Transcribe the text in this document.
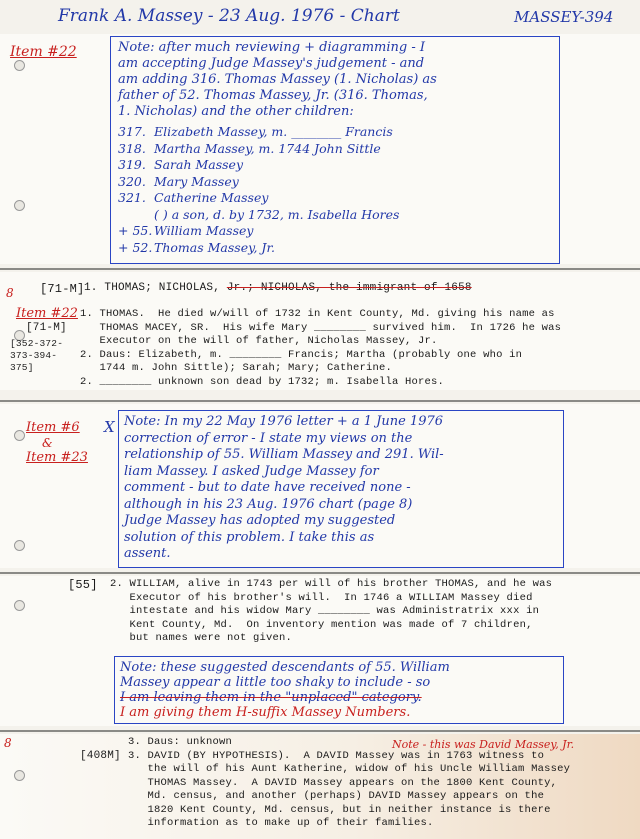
Frank A. Massey - 23 Aug. 1976 - Chart	MASSEY-394
Item #22	Note: after much reviewing + diagramming - I
am accepting Judge Massey's judgement - and
am adding 316. Thomas Massey (1. Nicholas) as
father of 52. Thomas Massey, Jr. (316. Thomas,
1. Nicholas) and the other children:
317. Elizabeth Massey, m. ________ Francis
318. Martha Massey, m. 1744 John Sittle
319. Sarah Massey
320. Mary Massey
321. Catherine Massey
( ) a son, d. by 1732, m. Isabella Hores
+ 55. William Massey
+ 52. Thomas Massey, Jr.
8 [71-M] 1. THOMAS; NICHOLAS, Jr.; NICHOLAS, the immigrant of 1658
Item #22
[71-M]
[352-372- 373-394- 375]
1. THOMAS.  He died w/will of 1732 in Kent County, Md. giving his name as
THOMAS MACEY, SR.  His wife Mary ________ survived him.  In 1726 he was
Executor on the will of father, Nicholas Massey, Jr.
2. Daus: Elizabeth, m. ________ Francis; Martha (probably one who in
1744 m. John Sittle); Sarah; Mary; Catherine.
2. ________ unknown son dead by 1732; m. Isabella Hores.
Item #6
&
Item #23
X Note: In my 22 May 1976 letter + a 1 June 1976
correction of error - I state my views on the
relationship of 55. William Massey and 291. Wil-
liam Massey. I asked Judge Massey for
comment - but to date have received none -
although in his 23 Aug. 1976 chart (page 8)
Judge Massey has adopted my suggested
solution of this problem. I take this as
assent.
[55] 2. WILLIAM, alive in 1743 per will of his brother THOMAS, and he was
Executor of his brother's will.  In 1746 a WILLIAM Massey died
intestate and his widow Mary ________ was Administratrix xxx in
Kent County, Md.  On inventory mention was made of 7 children,
but names were not given.
Note: these suggested descendants of 55. William
Massey appear a little too shaky to include - so
I am leaving them in the "unplaced" category.
I am giving them H-suffix Massey Numbers.
8
[408M]
Note - this was David Massey, Jr.
3. Daus: unknown
3. DAVID (BY HYPOTHESIS).  A DAVID Massey was in 1763 witness to
the will of his Aunt Katherine, widow of his Uncle William Massey
THOMAS Massey.  A DAVID Massey appears on the 1800 Kent County,
Md. census, and another (perhaps) DAVID Massey appears on the
1820 Kent County, Md. census, but in neither instance is there
information as to make up of their families.
